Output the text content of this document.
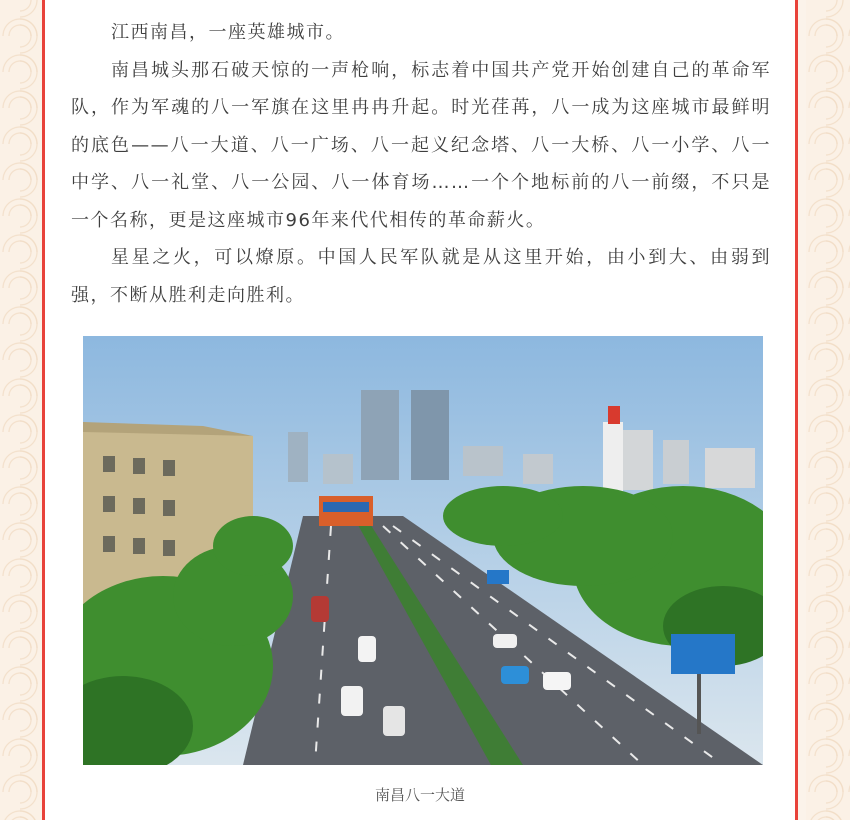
江西南昌，一座英雄城市。

南昌城头那石破天惊的一声枪响，标志着中国共产党开始创建自己的革命军队，作为军魂的八一军旗在这里冉冉升起。时光荏苒，八一成为这座城市最鲜明的底色——八一大道、八一广场、八一起义纪念塔、八一大桥、八一小学、八一中学、八一礼堂、八一公园、八一体育场……一个个地标前的八一前缀，不只是一个名称，更是这座城市96年来代代相传的革命薪火。

星星之火，可以燎原。中国人民军队就是从这里开始，由小到大、由弱到强，不断从胜利走向胜利。

南昌八一大道
